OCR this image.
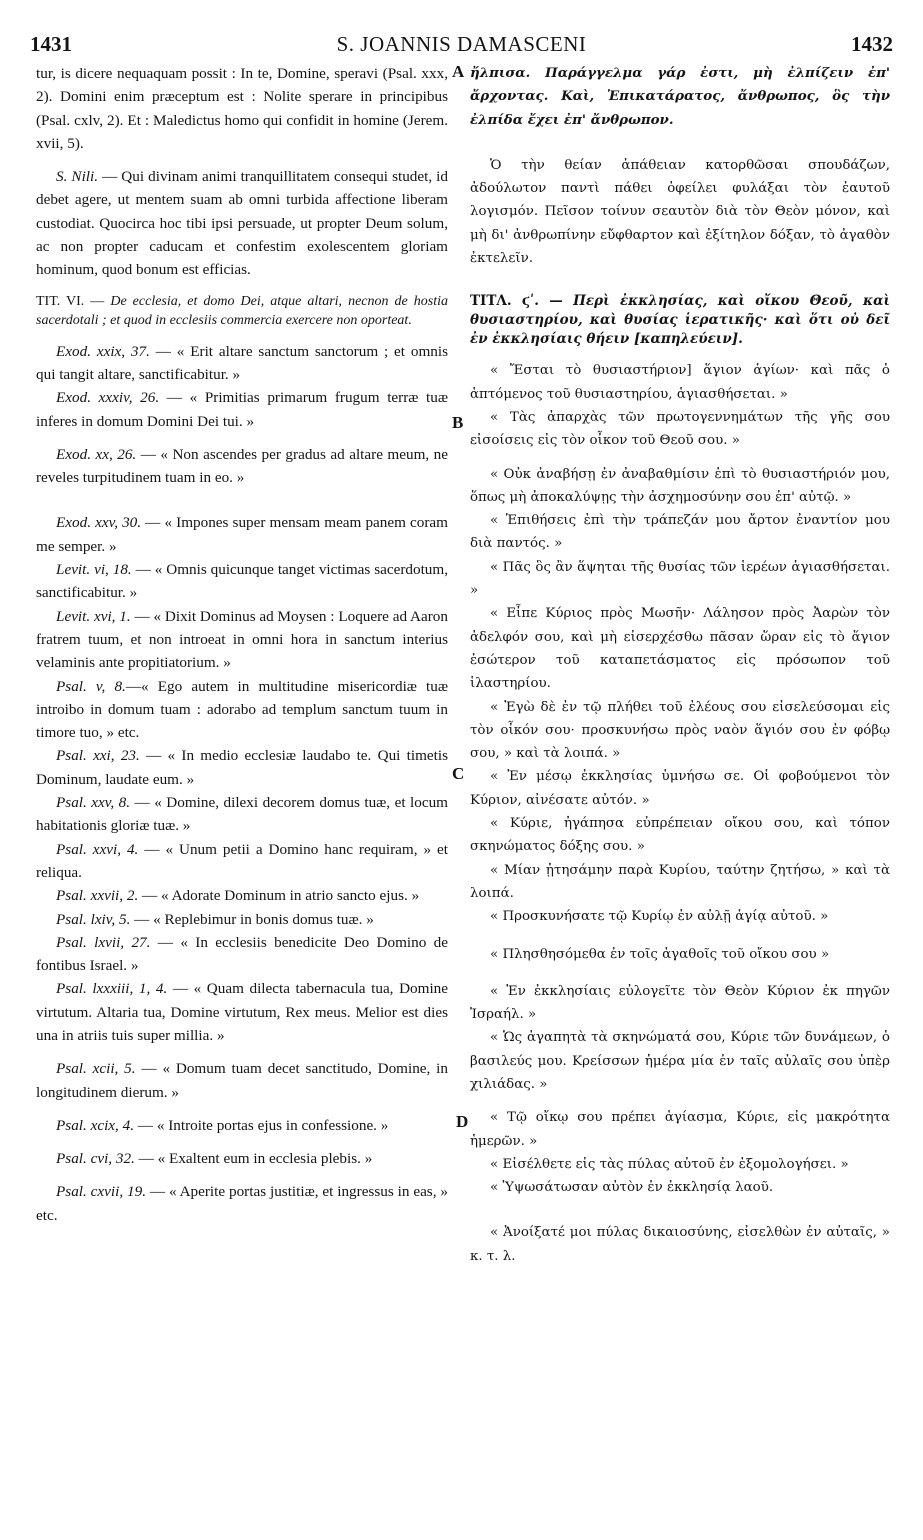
1431	S. JOANNIS DAMASCENI	1432
A
B
C
D

tur, is dicere nequaquam possit : In te, Domine, speravi (Psal. xxx, 2). Domini enim præceptum est : Nolite sperare in principibus (Psal. cxlv, 2). Et : Maledictus homo qui confidit in homine (Jerem. xvii, 5).

S. Nili. — Qui divinam animi tranquillitatem consequi studet, id debet agere, ut mentem suam ab omni turbida affectione liberam custodiat. Quocirca hoc tibi ipsi persuade, ut propter Deum solum, ac non propter caducam et confestim exolescentem gloriam hominum, quod bonum est efficias.

TIT. VI. — De ecclesia, et domo Dei, atque altari, necnon de hostia sacerdotali ; et quod in ecclesiis commercia exercere non oporteat.

Exod. xxix, 37. — « Erit altare sanctum sanctorum ; et omnis qui tangit altare, sanctificabitur. »

Exod. xxxiv, 26. — « Primitias primarum frugum terræ tuæ inferes in domum Domini Dei tui. »

Exod. xx, 26. — « Non ascendes per gradus ad altare meum, ne reveles turpitudinem tuam in eo. »

Exod. xxv, 30. — « Impones super mensam meam panem coram me semper. »

Levit. vi, 18. — « Omnis quicunque tanget victimas sacerdotum, sanctificabitur. »

Levit. xvi, 1. — « Dixit Dominus ad Moysen : Loquere ad Aaron fratrem tuum, et non introeat in omni hora in sanctum interius velaminis ante propitiatorium. »

Psal. v, 8.—« Ego autem in multitudine misericordiæ tuæ introibo in domum tuam : adorabo ad templum sanctum tuum in timore tuo, » etc.

Psal. xxi, 23. — « In medio ecclesiæ laudabo te. Qui timetis Dominum, laudate eum. »

Psal. xxv, 8. — « Domine, dilexi decorem domus tuæ, et locum habitationis gloriæ tuæ. »

Psal. xxvi, 4. — « Unum petii a Domino hanc requiram, » et reliqua.

Psal. xxvii, 2. — « Adorate Dominum in atrio sancto ejus. »

Psal. lxiv, 5. — « Replebimur in bonis domus tuæ. »

Psal. lxvii, 27. — « In ecclesiis benedicite Deo Domino de fontibus Israel. »

Psal. lxxxiii, 1, 4. — « Quam dilecta tabernacula tua, Domine virtutum. Altaria tua, Domine virtutum, Rex meus. Melior est dies una in atriis tuis super millia. »

Psal. xcii, 5. — « Domum tuam decet sanctitudo, Domine, in longitudinem dierum. »

Psal. xcix, 4. — « Introite portas ejus in confessione. »

Psal. cvi, 32. — « Exaltent eum in ecclesia plebis. »

Psal. cxvii, 19. — « Aperite portas justitiæ, et ingressus in eas, » etc.

ἤλπισα. Παράγγελμα γάρ ἐστι, μὴ ἐλπίζειν ἐπ' ἄρχοντας. Καὶ, Ἐπικατάρατος, ἄνθρωπος, ὃς τὴν ἐλπίδα ἔχει ἐπ' ἄνθρωπον.

Ὁ τὴν θείαν ἀπάθειαν κατορθῶσαι σπουδάζων, ἀδούλωτον παντὶ πάθει ὀφείλει φυλάξαι τὸν ἑαυτοῦ λογισμόν. Πεῖσον τοίνυν σεαυτὸν διὰ τὸν Θεὸν μόνον, καὶ μὴ δι' ἀνθρωπίνην εὔφθαρτον καὶ ἐξίτηλον δόξαν, τὸ ἀγαθὸν ἐκτελεῖν.

ΤΙΤΛ. ϛʹ. — Περὶ ἐκκλησίας, καὶ οἴκου Θεοῦ, καὶ θυσιαστηρίου, καὶ θυσίας ἱερατικῆς· καὶ ὅτι οὐ δεῖ ἐν ἐκκλησίαις θήειν [καπηλεύειν].

« Ἔσται τὸ θυσιαστήριον] ἅγιον ἁγίων· καὶ πᾶς ὁ ἁπτόμενος τοῦ θυσιαστηρίου, ἁγιασθήσεται. »

« Τὰς ἀπαρχὰς τῶν πρωτογεννημάτων τῆς γῆς σου εἰσοίσεις εἰς τὸν οἶκον τοῦ Θεοῦ σου. »

« Οὐκ ἀναβήσῃ ἐν ἀναβαθμίσιν ἐπὶ τὸ θυσιαστήριόν μου, ὅπως μὴ ἀποκαλύψῃς τὴν ἀσχημοσύνην σου ἐπ' αὐτῷ. »

« Ἐπιθήσεις ἐπὶ τὴν τράπεζάν μου ἄρτον ἐναντίον μου διὰ παντός. »

« Πᾶς ὃς ἂν ἅψηται τῆς θυσίας τῶν ἱερέων ἁγιασθήσεται. »

« Εἶπε Κύριος πρὸς Μωσῆν· Λάλησον πρὸς Ἀαρὼν τὸν ἀδελφόν σου, καὶ μὴ εἰσερχέσθω πᾶσαν ὥραν εἰς τὸ ἅγιον ἐσώτερον τοῦ καταπετάσματος εἰς πρόσωπον τοῦ ἱλαστηρίου.

« Ἐγὼ δὲ ἐν τῷ πλήθει τοῦ ἐλέους σου εἰσελεύσομαι εἰς τὸν οἶκόν σου· προσκυνήσω πρὸς ναὸν ἅγιόν σου ἐν φόβῳ σου, » καὶ τὰ λοιπά. »

« Ἐν μέσῳ ἐκκλησίας ὑμνήσω σε. Οἱ φοβούμενοι τὸν Κύριον, αἰνέσατε αὐτόν. »

« Κύριε, ἠγάπησα εὐπρέπειαν οἴκου σου, καὶ τόπον σκηνώματος δόξης σου. »

« Μίαν ᾐτησάμην παρὰ Κυρίου, ταύτην ζητήσω, » καὶ τὰ λοιπά.

« Προσκυνήσατε τῷ Κυρίῳ ἐν αὐλῇ ἁγίᾳ αὐτοῦ. »

« Πλησθησόμεθα ἐν τοῖς ἀγαθοῖς τοῦ οἴκου σου »

« Ἐν ἐκκλησίαις εὐλογεῖτε τὸν Θεὸν Κύριον ἐκ πηγῶν Ἰσραήλ. »

« Ὡς ἀγαπητὰ τὰ σκηνώματά σου, Κύριε τῶν δυνάμεων, ὁ βασιλεύς μου. Κρείσσων ἡμέρα μία ἐν ταῖς αὐλαῖς σου ὑπὲρ χιλιάδας. »

« Τῷ οἴκῳ σου πρέπει ἁγίασμα, Κύριε, εἰς μακρότητα ἡμερῶν. »

« Εἰσέλθετε εἰς τὰς πύλας αὐτοῦ ἐν ἐξομολογήσει. »

« Ὑψωσάτωσαν αὐτὸν ἐν ἐκκλησίᾳ λαοῦ.

« Ἀνοίξατέ μοι πύλας δικαιοσύνης, εἰσελθὼν ἐν αὐταῖς, » κ. τ. λ.
